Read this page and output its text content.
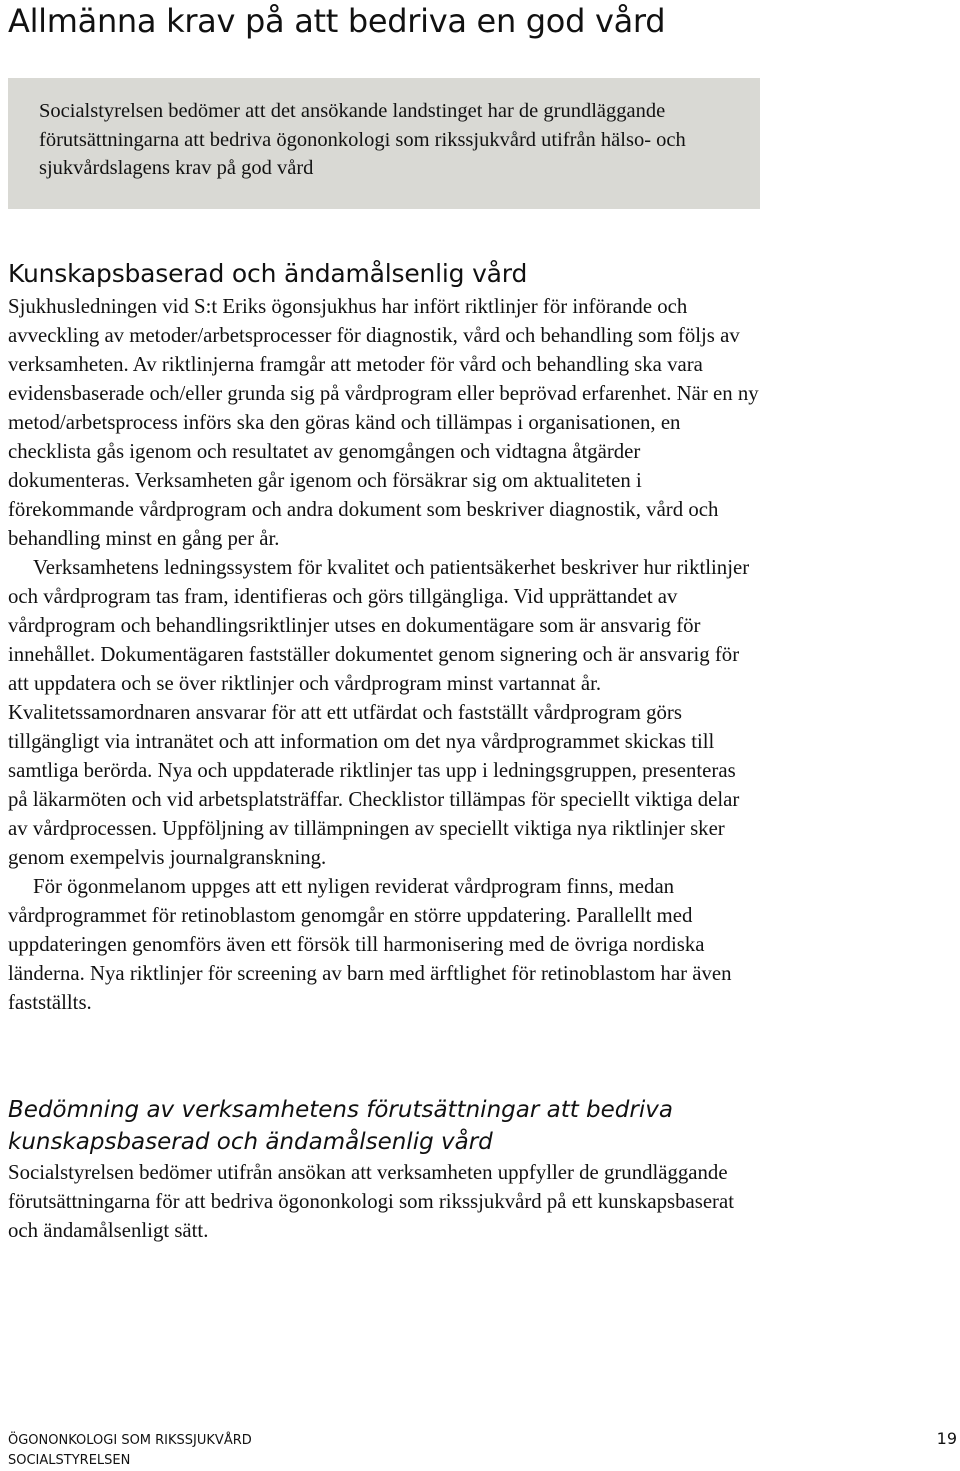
Allmänna krav på att bedriva en god vård

Socialstyrelsen bedömer att det ansökande landstinget har de grundläggande förutsättningarna att bedriva ögononkologi som rikssjukvård utifrån hälso- och sjukvårdslagens krav på god vård

Kunskapsbaserad och ändamålsenlig vård

Sjukhusledningen vid S:t Eriks ögonsjukhus har infört riktlinjer för införande och avveckling av metoder/arbetsprocesser för diagnostik, vård och behandling som följs av verksamheten. Av riktlinjerna framgår att metoder för vård och behandling ska vara evidensbaserade och/eller grunda sig på vårdprogram eller beprövad erfarenhet. När en ny metod/arbetsprocess införs ska den göras känd och tillämpas i organisationen, en checklista gås igenom och resultatet av genomgången och vidtagna åtgärder dokumenteras. Verksamheten går igenom och försäkrar sig om aktualiteten i förekommande vårdprogram och andra dokument som beskriver diagnostik, vård och behandling minst en gång per år.

Verksamhetens ledningssystem för kvalitet och patientsäkerhet beskriver hur riktlinjer och vårdprogram tas fram, identifieras och görs tillgängliga. Vid upprättandet av vårdprogram och behandlingsriktlinjer utses en dokumentägare som är ansvarig för innehållet. Dokumentägaren fastställer dokumentet genom signering och är ansvarig för att uppdatera och se över riktlinjer och vårdprogram minst vartannat år. Kvalitetssamordnaren ansvarar för att ett utfärdat och fastställt vårdprogram görs tillgängligt via intranätet och att information om det nya vårdprogrammet skickas till samtliga berörda. Nya och uppdaterade riktlinjer tas upp i ledningsgruppen, presenteras på läkarmöten och vid arbetsplatsträffar. Checklistor tillämpas för speciellt viktiga delar av vårdprocessen. Uppföljning av tillämpningen av speciellt viktiga nya riktlinjer sker genom exempelvis journalgranskning.

För ögonmelanom uppges att ett nyligen reviderat vårdprogram finns, medan vårdprogrammet för retinoblastom genomgår en större uppdatering. Parallellt med uppdateringen genomförs även ett försök till harmonisering med de övriga nordiska länderna. Nya riktlinjer för screening av barn med ärftlighet för retinoblastom har även fastställts.

Bedömning av verksamhetens förutsättningar att bedriva kunskapsbaserad och ändamålsenlig vård

Socialstyrelsen bedömer utifrån ansökan att verksamheten uppfyller de grundläggande förutsättningarna för att bedriva ögononkologi som rikssjukvård på ett kunskapsbaserat och ändamålsenligt sätt.

ÖGONONKOLOGI SOM RIKSSJUKVÅRD
SOCIALSTYRELSEN
19
